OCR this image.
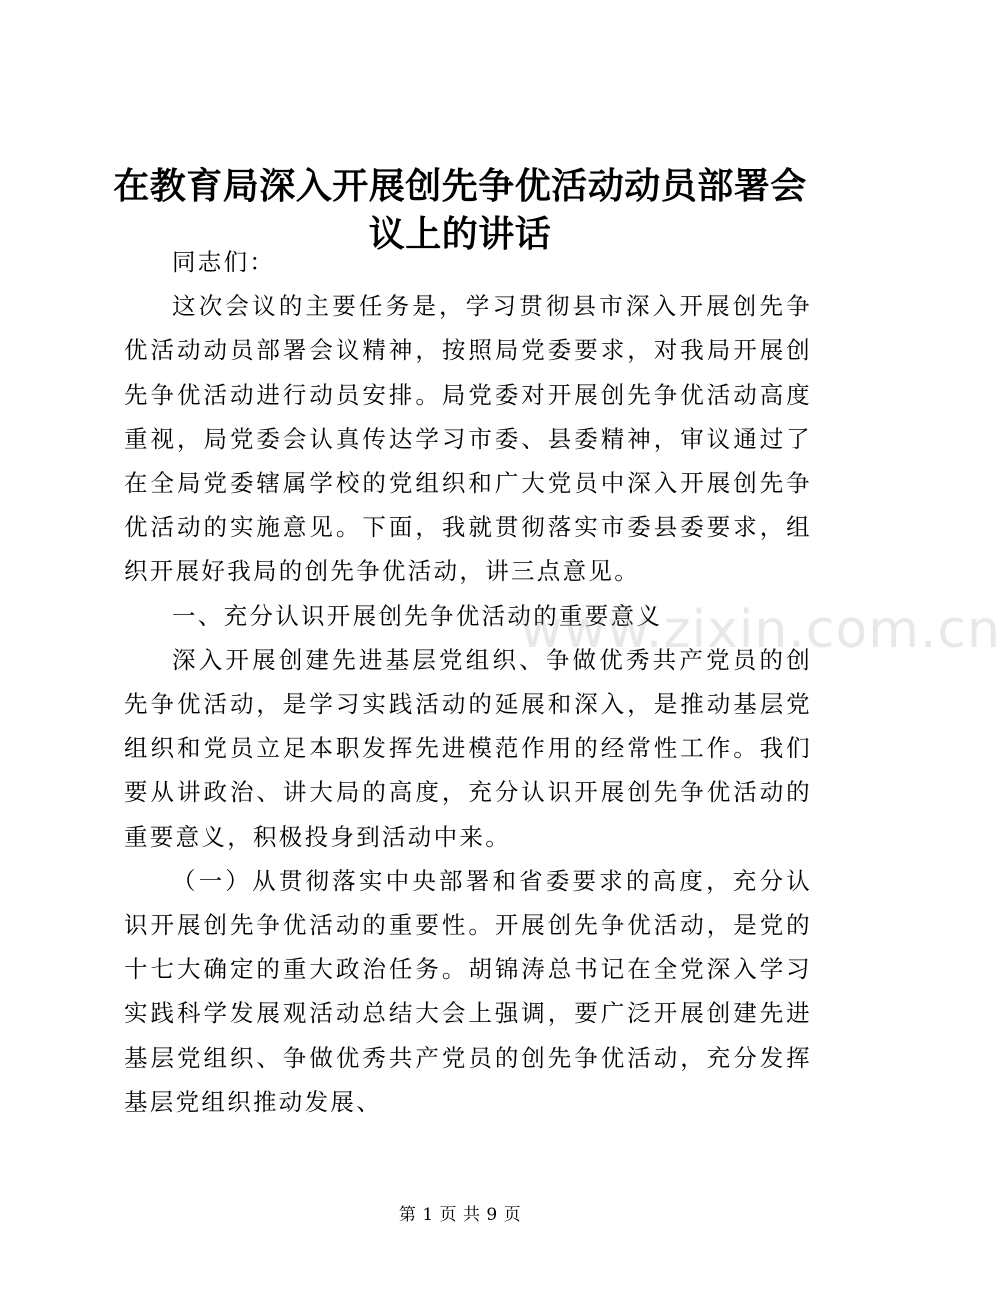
在教育局深入开展创先争优活动动员部署会议上的讲话

同志们：

这次会议的主要任务是，学习贯彻县市深入开展创先争优活动动员部署会议精神，按照局党委要求，对我局开展创先争优活动进行动员安排。局党委对开展创先争优活动高度重视，局党委会认真传达学习市委、县委精神，审议通过了在全局党委辖属学校的党组织和广大党员中深入开展创先争优活动的实施意见。下面，我就贯彻落实市委县委要求，组织开展好我局的创先争优活动，讲三点意见。

一、充分认识开展创先争优活动的重要意义

深入开展创建先进基层党组织、争做优秀共产党员的创先争优活动，是学习实践活动的延展和深入，是推动基层党组织和党员立足本职发挥先进模范作用的经常性工作。我们要从讲政治、讲大局的高度，充分认识开展创先争优活动的重要意义，积极投身到活动中来。

（一）从贯彻落实中央部署和省委要求的高度，充分认识开展创先争优活动的重要性。开展创先争优活动，是党的十七大确定的重大政治任务。胡锦涛总书记在全党深入学习实践科学发展观活动总结大会上强调，要广泛开展创建先进基层党组织、争做优秀共产党员的创先争优活动，充分发挥基层党组织推动发展、

www.zixin.com.cn
第 1 页 共 9 页
